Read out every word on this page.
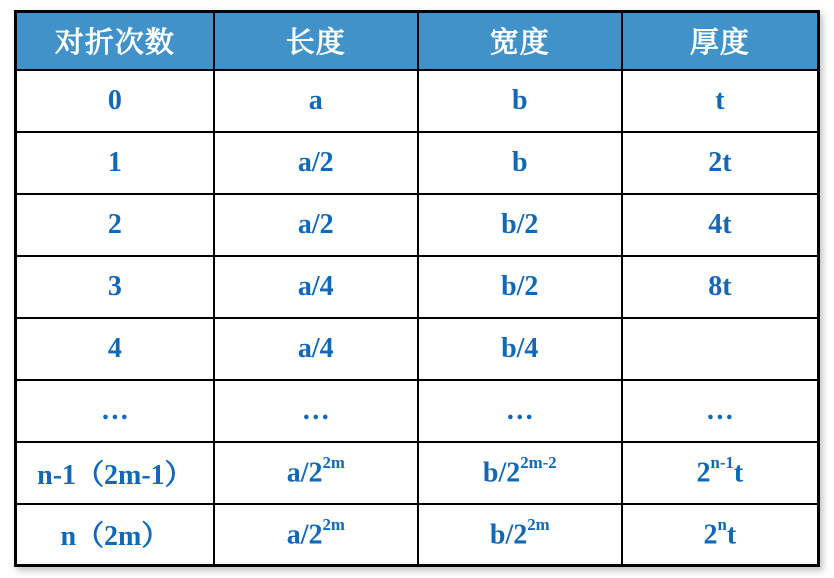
对折次数	长度	宽度	厚度
0	a	b	t
1	a/2	b	2t
2	a/2	b/2	4t
3	a/4	b/2	8t
4	a/4	b/4	
…	…	…	…
n-1（2m-1）	$a/2^{2m}$	$b/2^{2m-2}$	2$^{n-1}$t
n（2m）	$a/2^{2m}$	$b/2^{2m}$	2$^n$t
